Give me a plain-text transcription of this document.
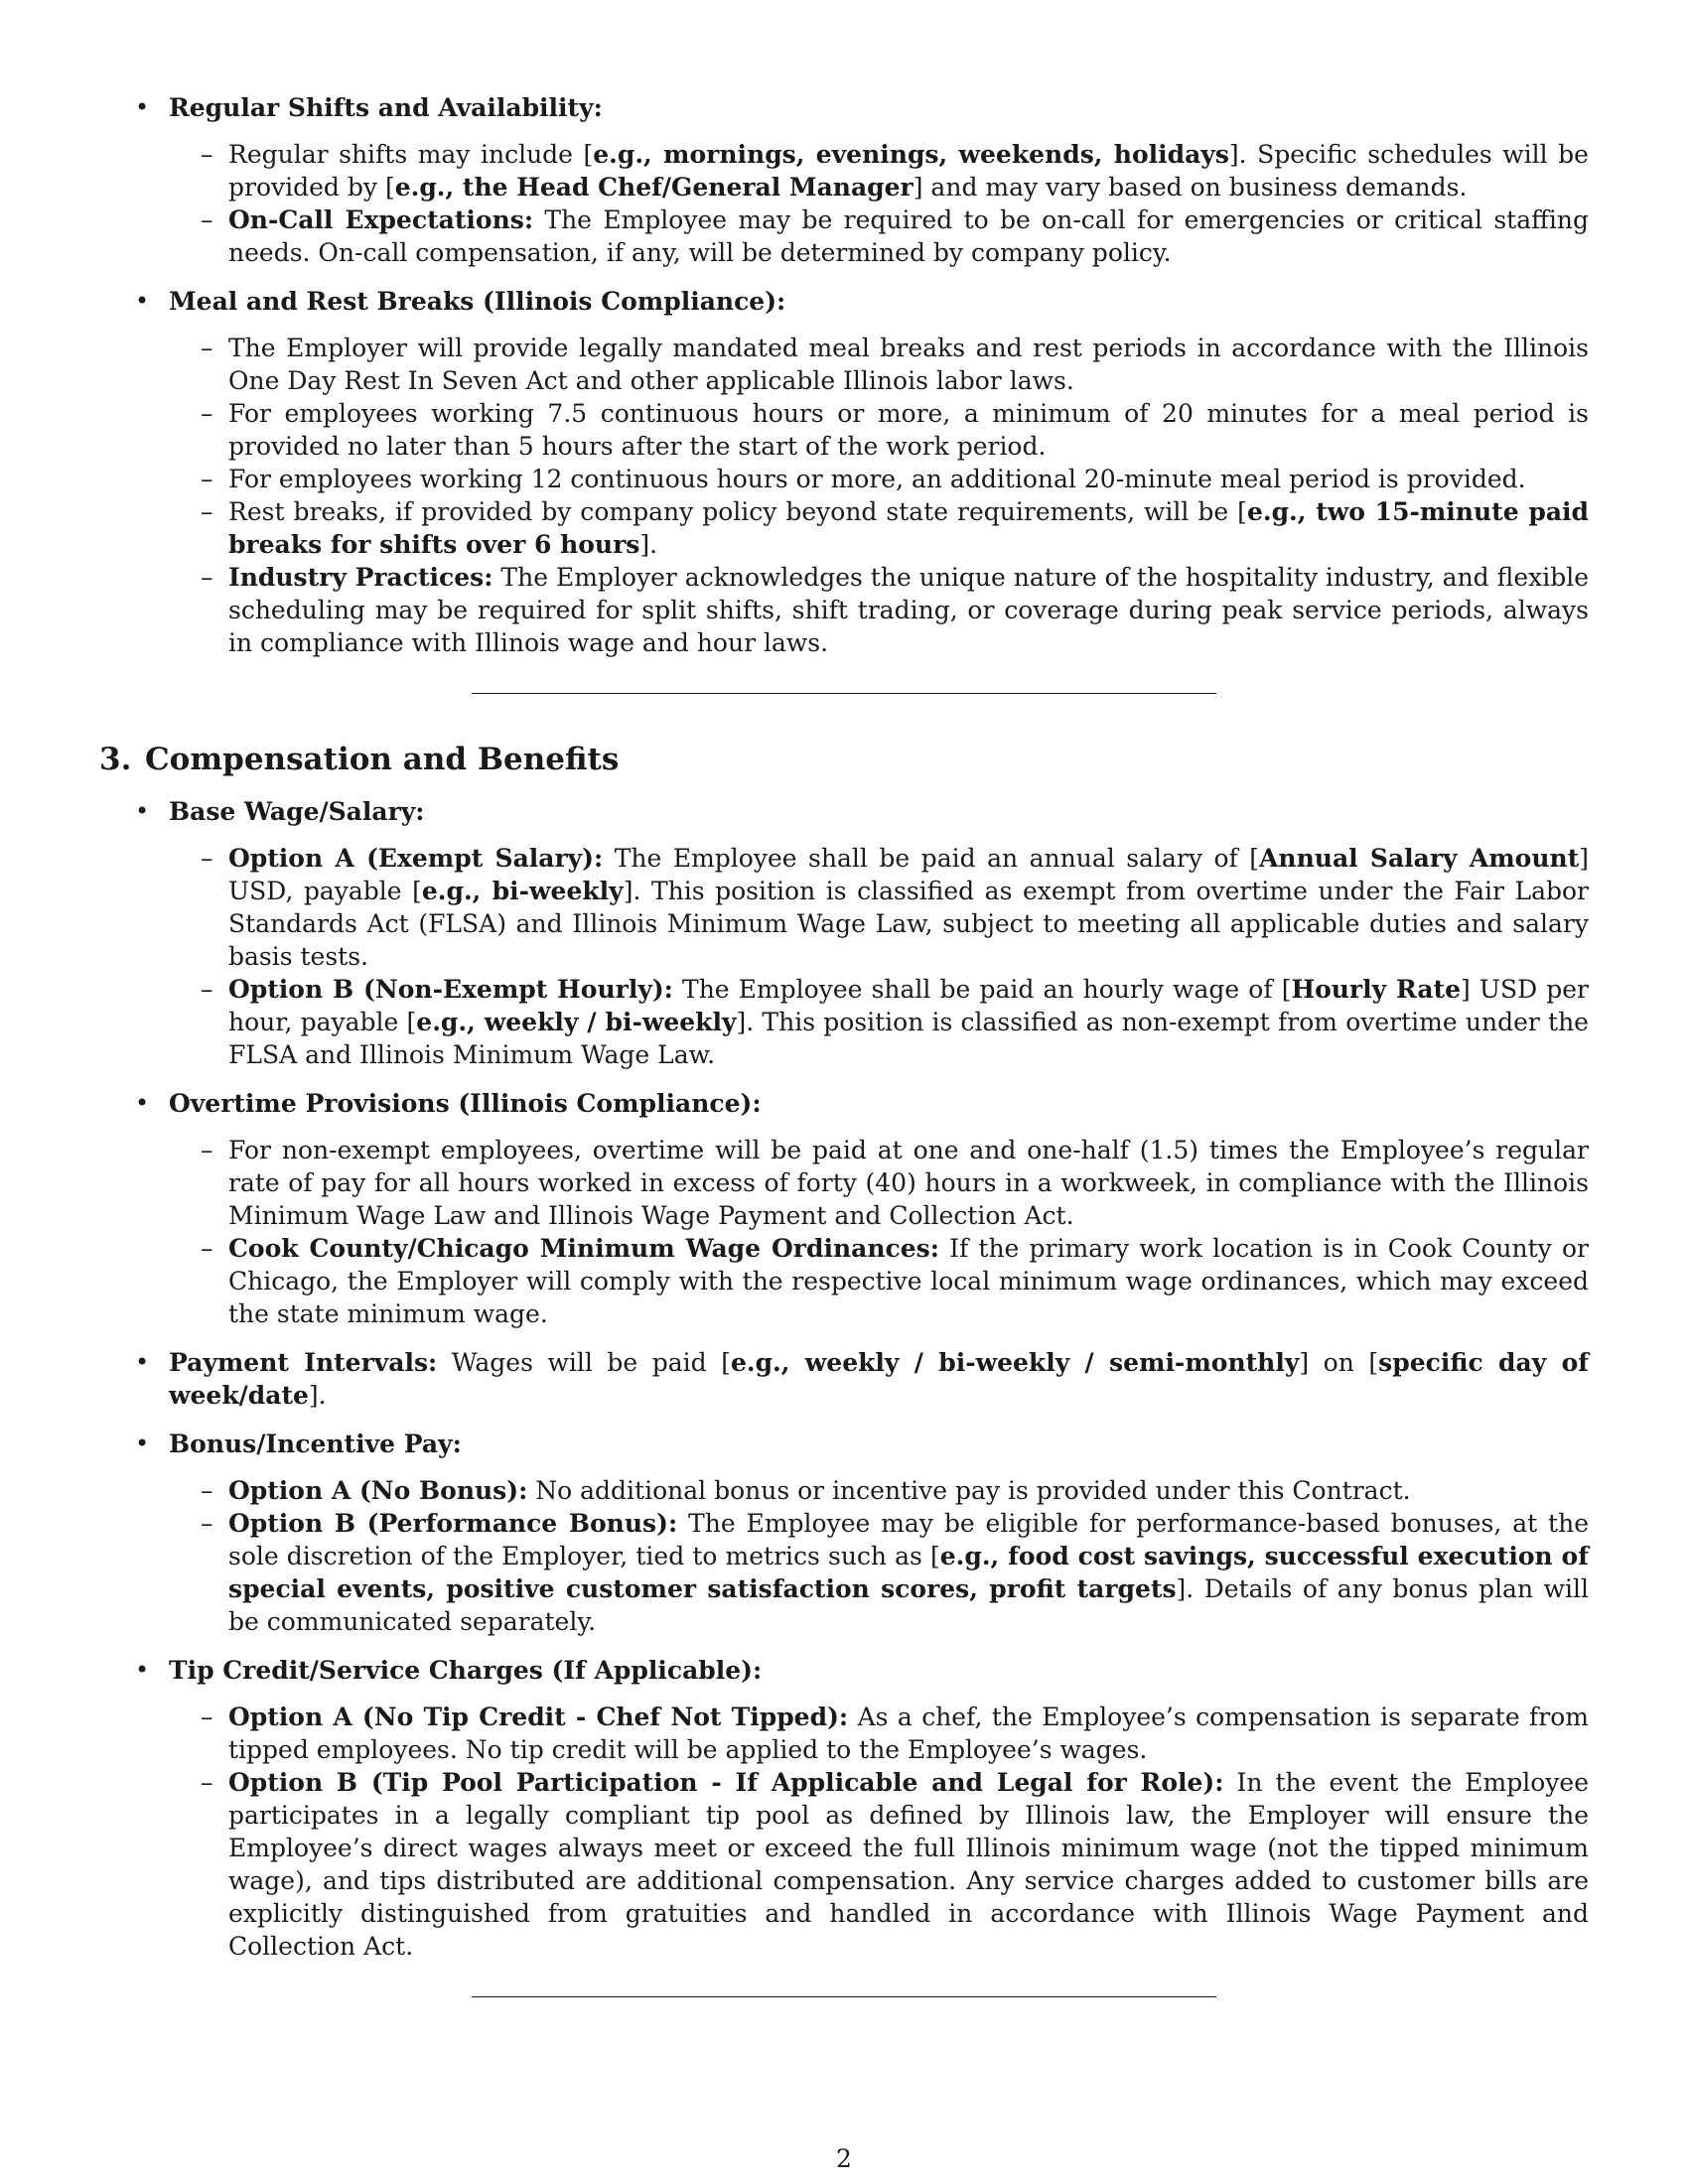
• Regular Shifts and Availability:
– Regular shifts may include [e.g., mornings, evenings, weekends, holidays]. Specific schedules will be provided by [e.g., the Head Chef/General Manager] and may vary based on business demands.
– On-Call Expectations: The Employee may be required to be on-call for emergencies or critical staffing needs. On-call compensation, if any, will be determined by company policy.
• Meal and Rest Breaks (Illinois Compliance):
– The Employer will provide legally mandated meal breaks and rest periods in accordance with the Illinois One Day Rest In Seven Act and other applicable Illinois labor laws.
– For employees working 7.5 continuous hours or more, a minimum of 20 minutes for a meal period is provided no later than 5 hours after the start of the work period.
– For employees working 12 continuous hours or more, an additional 20-minute meal period is provided.
– Rest breaks, if provided by company policy beyond state requirements, will be [e.g., two 15-minute paid breaks for shifts over 6 hours].
– Industry Practices: The Employer acknowledges the unique nature of the hospitality industry, and flexible scheduling may be required for split shifts, shift trading, or coverage during peak service periods, always in compliance with Illinois wage and hour laws.
3. Compensation and Benefits
• Base Wage/Salary:
– Option A (Exempt Salary): The Employee shall be paid an annual salary of [Annual Salary Amount] USD, payable [e.g., bi-weekly]. This position is classified as exempt from overtime under the Fair Labor Standards Act (FLSA) and Illinois Minimum Wage Law, subject to meeting all applicable duties and salary basis tests.
– Option B (Non-Exempt Hourly): The Employee shall be paid an hourly wage of [Hourly Rate] USD per hour, payable [e.g., weekly / bi-weekly]. This position is classified as non-exempt from overtime under the FLSA and Illinois Minimum Wage Law.
• Overtime Provisions (Illinois Compliance):
– For non-exempt employees, overtime will be paid at one and one-half (1.5) times the Employee’s regular rate of pay for all hours worked in excess of forty (40) hours in a workweek, in compliance with the Illinois Minimum Wage Law and Illinois Wage Payment and Collection Act.
– Cook County/Chicago Minimum Wage Ordinances: If the primary work location is in Cook County or Chicago, the Employer will comply with the respective local minimum wage ordinances, which may exceed the state minimum wage.
• Payment Intervals: Wages will be paid [e.g., weekly / bi-weekly / semi-monthly] on [specific day of week/date].
• Bonus/Incentive Pay:
– Option A (No Bonus): No additional bonus or incentive pay is provided under this Contract.
– Option B (Performance Bonus): The Employee may be eligible for performance-based bonuses, at the sole discretion of the Employer, tied to metrics such as [e.g., food cost savings, successful execution of special events, positive customer satisfaction scores, profit targets]. Details of any bonus plan will be communicated separately.
• Tip Credit/Service Charges (If Applicable):
– Option A (No Tip Credit - Chef Not Tipped): As a chef, the Employee’s compensation is separate from tipped employees. No tip credit will be applied to the Employee’s wages.
– Option B (Tip Pool Participation - If Applicable and Legal for Role): In the event the Employee participates in a legally compliant tip pool as defined by Illinois law, the Employer will ensure the Employee’s direct wages always meet or exceed the full Illinois minimum wage (not the tipped minimum wage), and tips distributed are additional compensation. Any service charges added to customer bills are explicitly distinguished from gratuities and handled in accordance with Illinois Wage Payment and Collection Act.
2
